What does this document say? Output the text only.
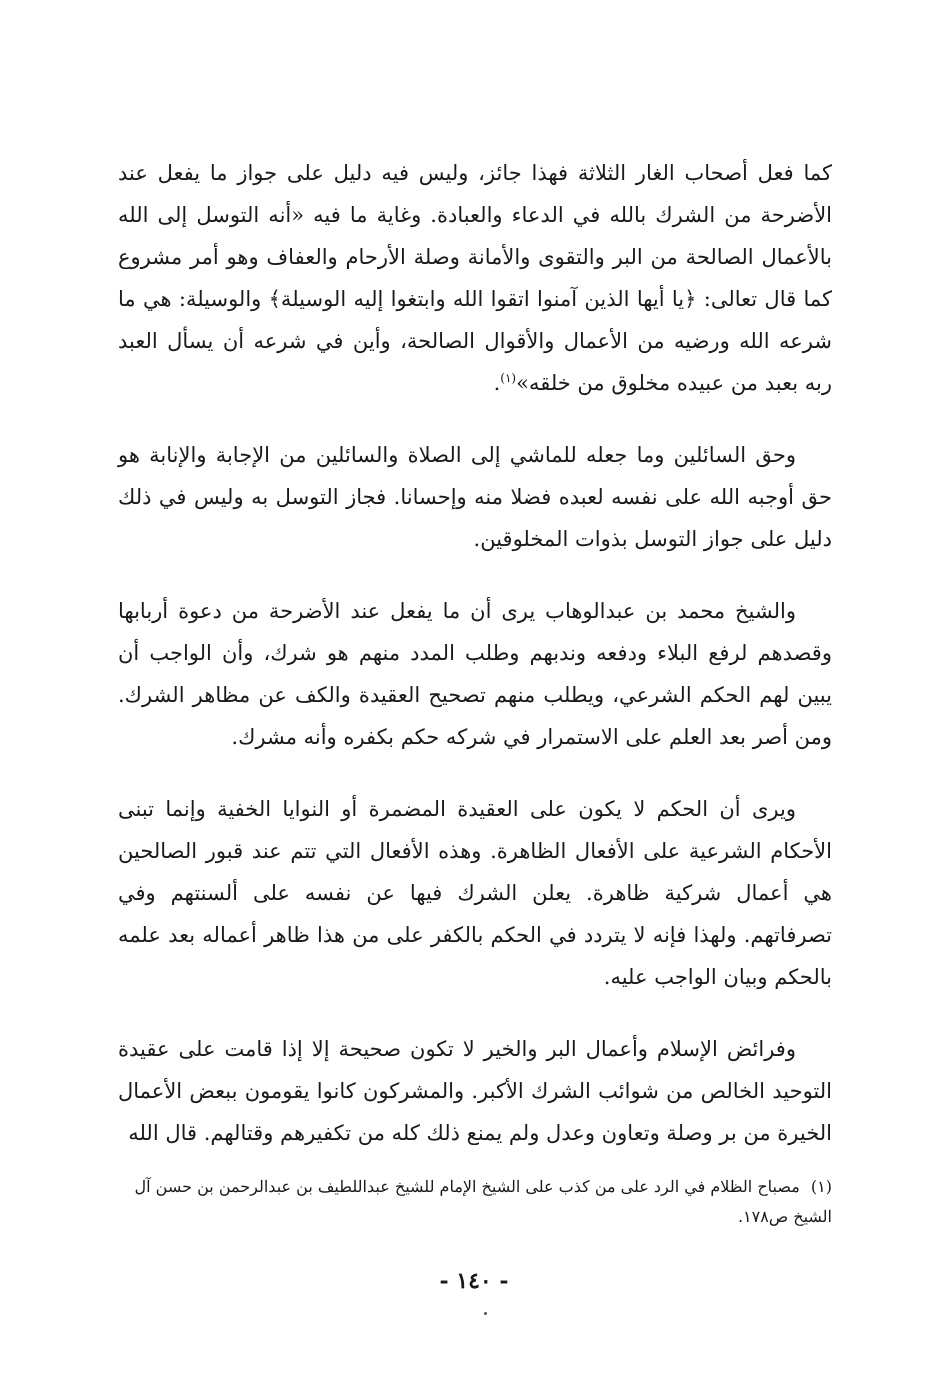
كما فعل أصحاب الغار الثلاثة فهذا جائز، وليس فيه دليل على جواز ما يفعل عند الأضرحة من الشرك بالله في الدعاء والعبادة. وغاية ما فيه «أنه التوسل إلى الله بالأعمال الصالحة من البر والتقوى والأمانة وصلة الأرحام والعفاف وهو أمر مشروع كما قال تعالى: ﴿يا أيها الذين آمنوا اتقوا الله وابتغوا إليه الوسيلة﴾ والوسيلة: هي ما شرعه الله ورضيه من الأعمال والأقوال الصالحة، وأين في شرعه أن يسأل العبد ربه بعبد من عبيده مخلوق من خلقه»$^{(١)}$.

وحق السائلين وما جعله للماشي إلى الصلاة والسائلين من الإجابة والإنابة هو حق أوجبه الله على نفسه لعبده فضلا منه وإحسانا. فجاز التوسل به وليس في ذلك دليل على جواز التوسل بذوات المخلوقين.

والشيخ محمد بن عبدالوهاب يرى أن ما يفعل عند الأضرحة من دعوة أربابها وقصدهم لرفع البلاء ودفعه وندبهم وطلب المدد منهم هو شرك، وأن الواجب أن يبين لهم الحكم الشرعي، ويطلب منهم تصحيح العقيدة والكف عن مظاهر الشرك. ومن أصر بعد العلم على الاستمرار في شركه حكم بكفره وأنه مشرك.

ويرى أن الحكم لا يكون على العقيدة المضمرة أو النوايا الخفية وإنما تبنى الأحكام الشرعية على الأفعال الظاهرة. وهذه الأفعال التي تتم عند قبور الصالحين هي أعمال شركية ظاهرة. يعلن الشرك فيها عن نفسه على ألسنتهم وفي تصرفاتهم. ولهذا فإنه لا يتردد في الحكم بالكفر على من هذا ظاهر أعماله بعد علمه بالحكم وبيان الواجب عليه.

وفرائض الإسلام وأعمال البر والخير لا تكون صحيحة إلا إذا قامت على عقيدة التوحيد الخالص من شوائب الشرك الأكبر. والمشركون كانوا يقومون ببعض الأعمال الخيرة من بر وصلة وتعاون وعدل ولم يمنع ذلك كله من تكفيرهم وقتالهم. قال الله

(١) مصباح الظلام في الرد على من كذب على الشيخ الإمام للشيخ عبداللطيف بن عبدالرحمن بن حسن آل الشيخ ص١٧٨.
- ١٤٠ -
